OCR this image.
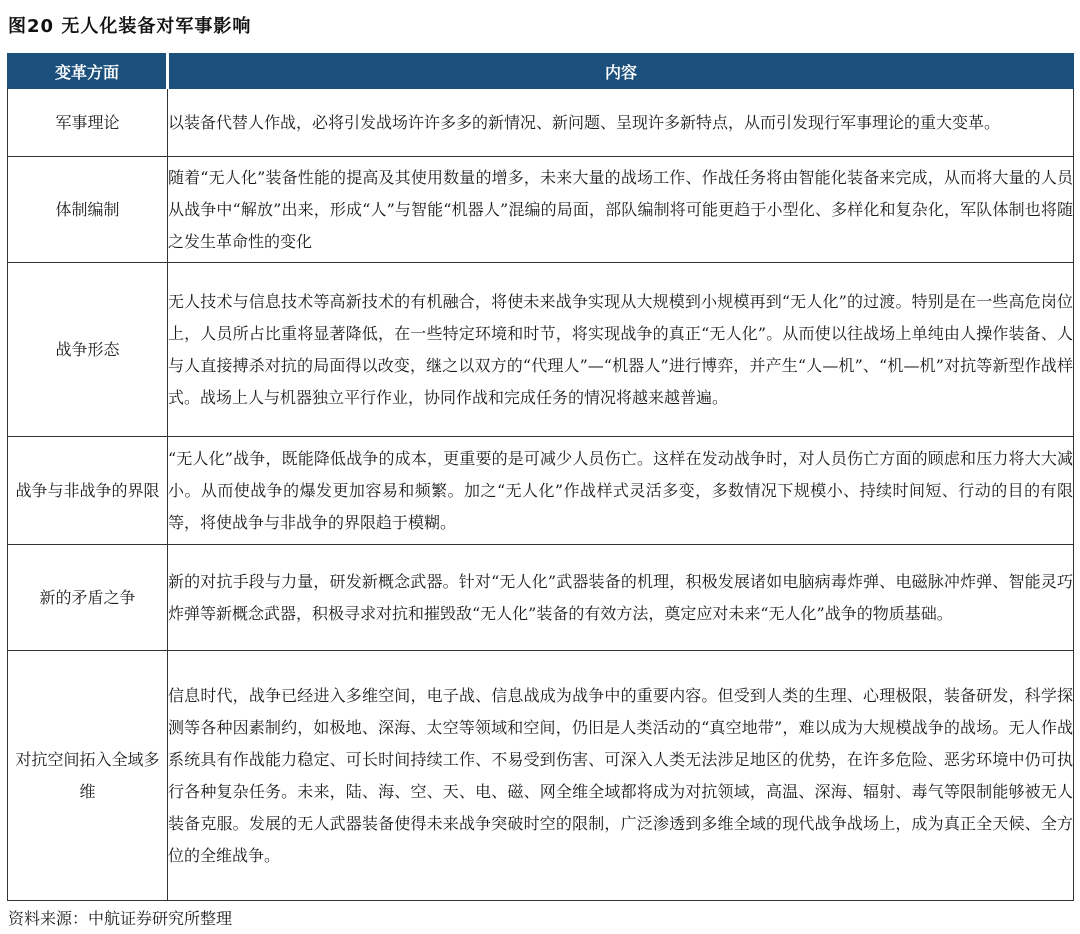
图20 无人化装备对军事影响
变革方面	内容
军事理论	以装备代替人作战，必将引发战场许许多多的新情况、新问题、呈现许多新特点，从而引发现行军事理论的重大变革。
体制编制	随着“无人化”装备性能的提高及其使用数量的增多，未来大量的战场工作、作战任务将由智能化装备来完成，从而将大量的人员从战争中“解放”出来，形成“人”与智能“机器人”混编的局面，部队编制将可能更趋于小型化、多样化和复杂化，军队体制也将随之发生革命性的变化
战争形态	无人技术与信息技术等高新技术的有机融合，将使未来战争实现从大规模到小规模再到“无人化”的过渡。特别是在一些高危岗位上，人员所占比重将显著降低，在一些特定环境和时节，将实现战争的真正“无人化”。从而使以往战场上单纯由人操作装备、人与人直接搏杀对抗的局面得以改变，继之以双方的“代理人”—“机器人”进行博弈，并产生“人—机”、“机—机”对抗等新型作战样式。战场上人与机器独立平行作业，协同作战和完成任务的情况将越来越普遍。
战争与非战争的界限	“无人化”战争，既能降低战争的成本，更重要的是可减少人员伤亡。这样在发动战争时，对人员伤亡方面的顾虑和压力将大大减小。从而使战争的爆发更加容易和频繁。加之“无人化”作战样式灵活多变，多数情况下规模小、持续时间短、行动的目的有限等，将使战争与非战争的界限趋于模糊。
新的矛盾之争	新的对抗手段与力量，研发新概念武器。针对“无人化”武器装备的机理，积极发展诸如电脑病毒炸弹、电磁脉冲炸弹、智能灵巧炸弹等新概念武器，积极寻求对抗和摧毁敌“无人化”装备的有效方法，奠定应对未来“无人化”战争的物质基础。
对抗空间拓入全域多维	信息时代，战争已经进入多维空间，电子战、信息战成为战争中的重要内容。但受到人类的生理、心理极限，装备研发，科学探测等各种因素制约，如极地、深海、太空等领域和空间，仍旧是人类活动的“真空地带”，难以成为大规模战争的战场。无人作战系统具有作战能力稳定、可长时间持续工作、不易受到伤害、可深入人类无法涉足地区的优势，在许多危险、恶劣环境中仍可执行各种复杂任务。未来，陆、海、空、天、电、磁、网全维全域都将成为对抗领域，高温、深海、辐射、毒气等限制能够被无人装备克服。发展的无人武器装备使得未来战争突破时空的限制，广泛渗透到多维全域的现代战争战场上，成为真正全天候、全方位的全维战争。
资料来源：中航证券研究所整理
